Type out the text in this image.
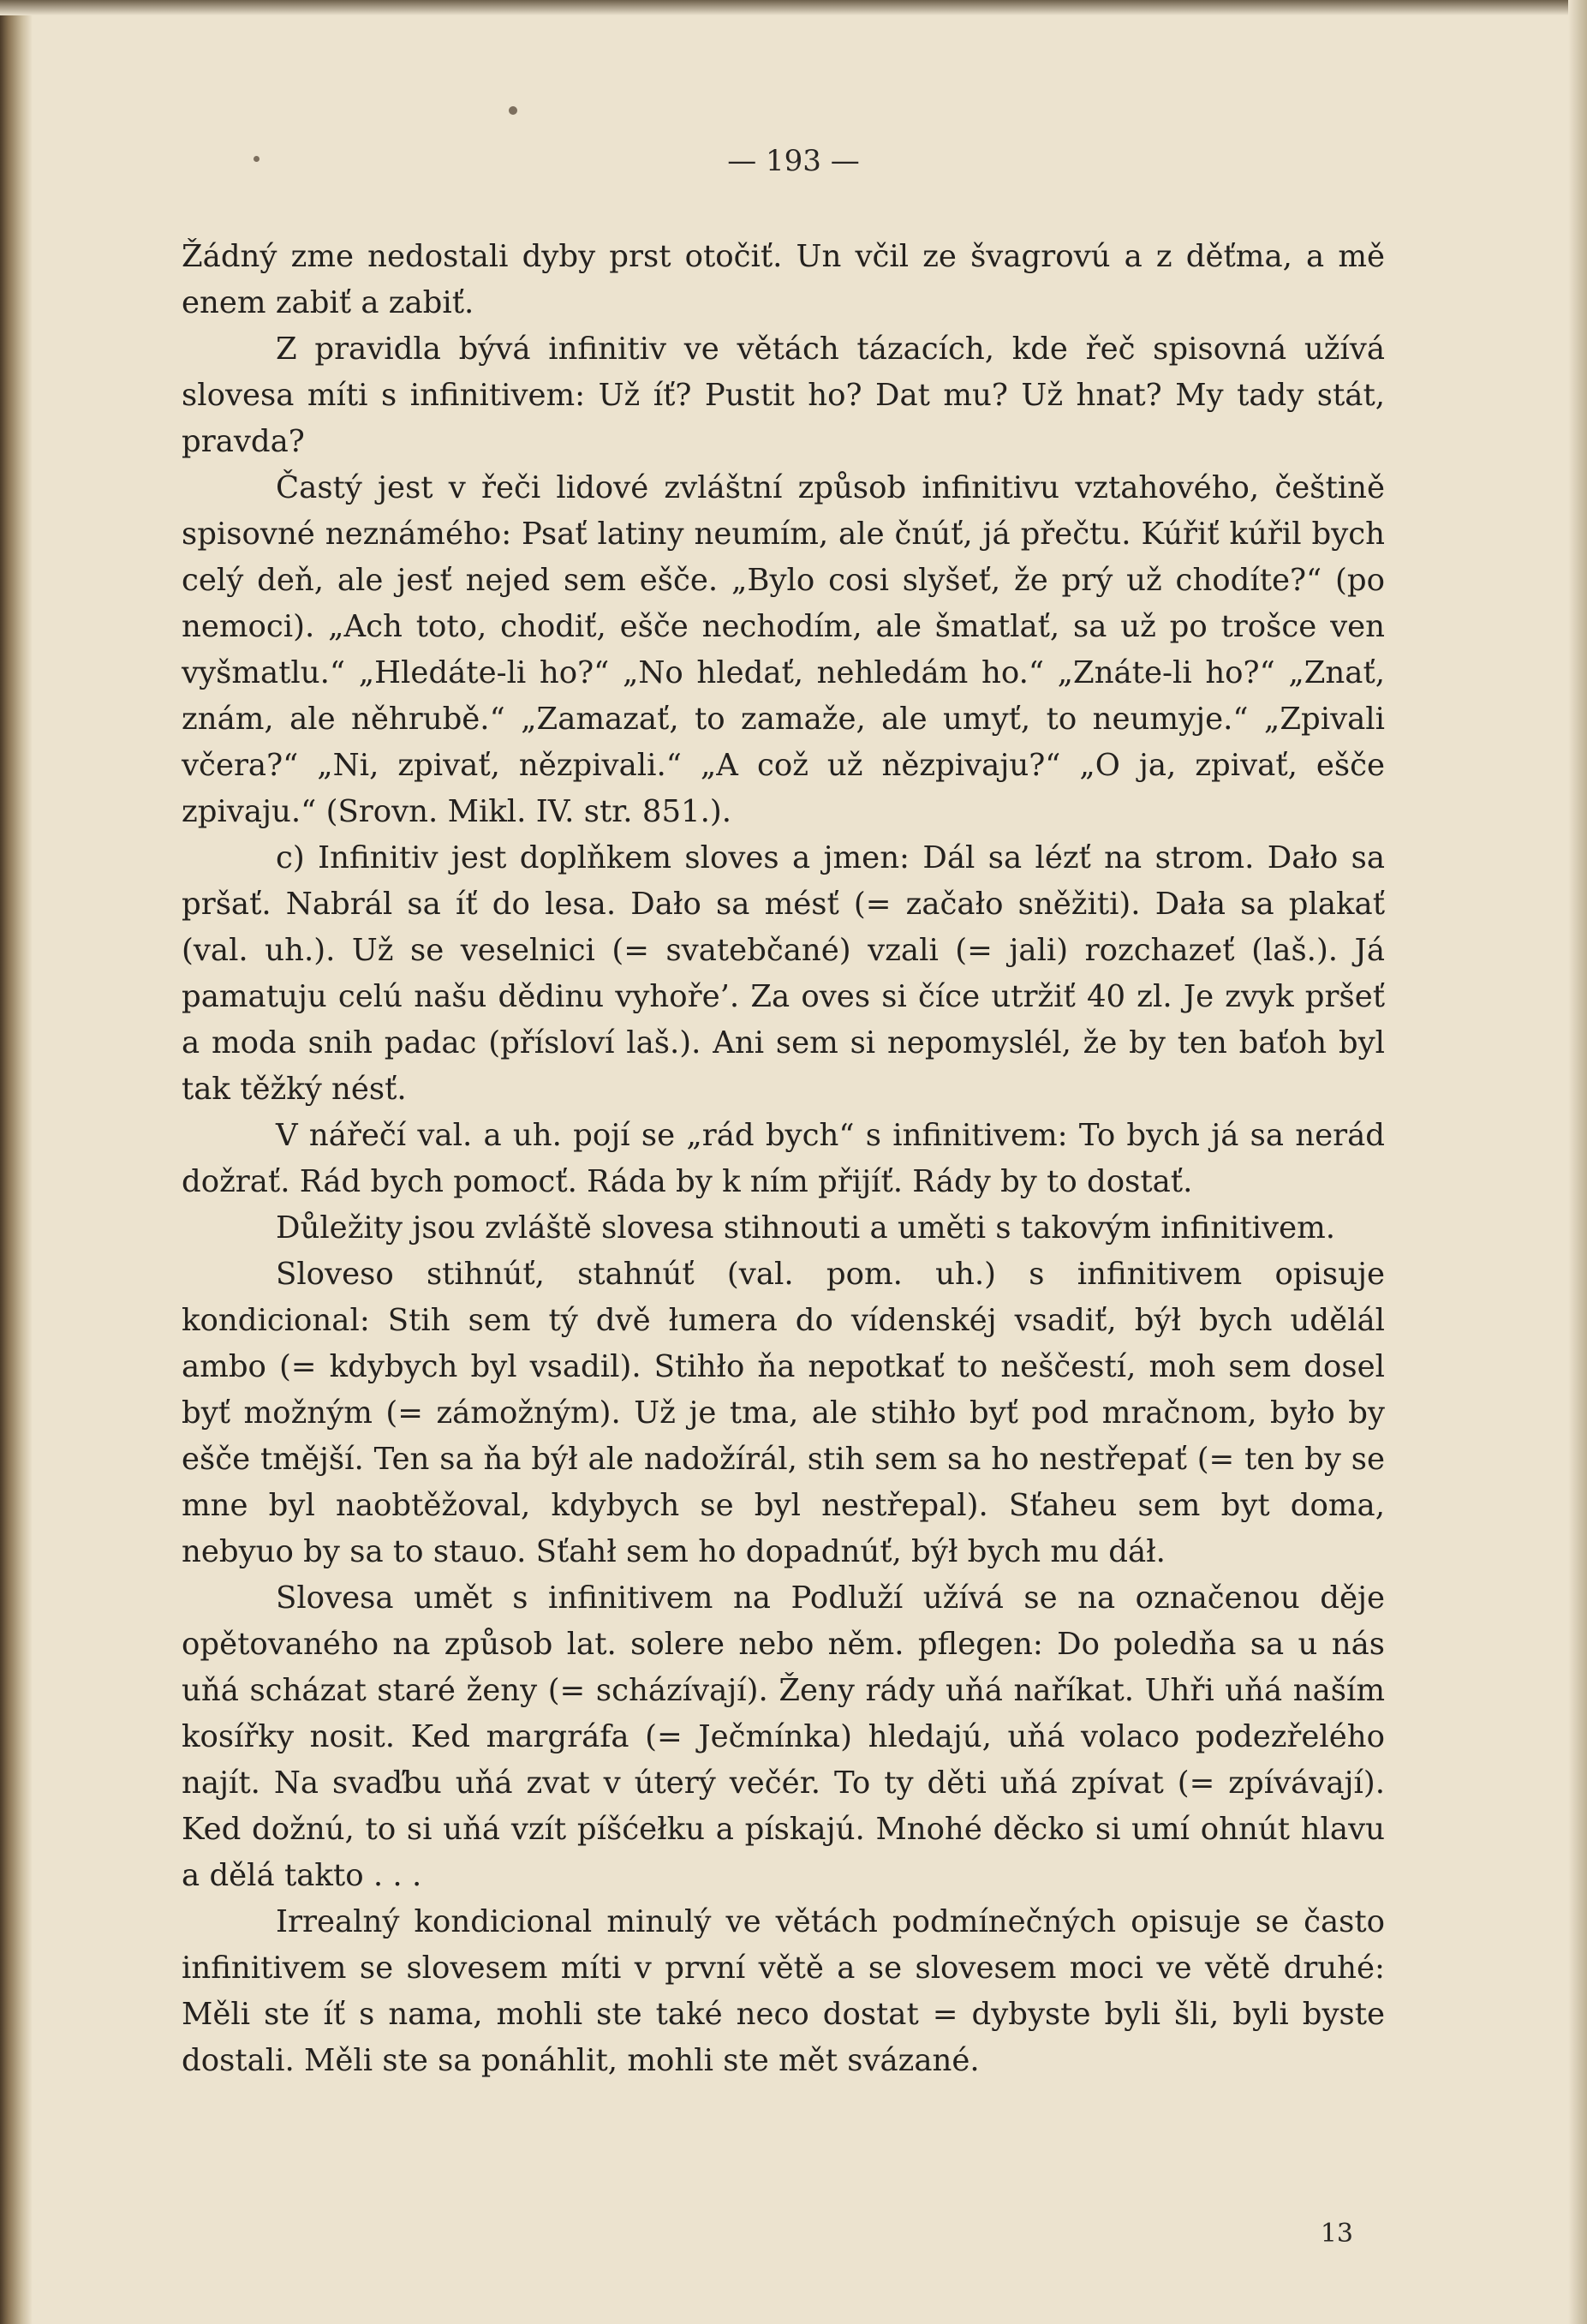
— 193 —

Žádný zme nedostali dyby prst otočiť. Un včil ze švagrovú a z děťma, a mě enem zabiť a zabiť.

Z pravidla bývá infinitiv ve větách tázacích, kde řeč spisovná užívá slovesa míti s infinitivem: Už íť? Pustit ho? Dat mu? Už hnat? My tady stát, pravda?

Častý jest v řeči lidové zvláštní způsob infinitivu vztahového, češtině spisovné neznámého: Psať latiny neumím, ale čnúť, já přečtu. Kúřiť kúřil bych celý deň, ale jesť nejed sem ešče. „Bylo cosi slyšeť, že prý už chodíte?“ (po nemoci). „Ach toto, chodiť, ešče nechodím, ale šmatlať, sa už po trošce ven vyšmatlu.“ „Hledáte-li ho?“ „No hledať, nehledám ho.“ „Znáte-li ho?“ „Znať, znám, ale něhrubě.“ „Zamazať, to zamaže, ale umyť, to neumyje.“ „Zpivali včera?“ „Ni, zpivať, nězpivali.“ „A což už nězpivaju?“ „O ja, zpivať, ešče zpivaju.“ (Srovn. Mikl. IV. str. 851.).

c) Infinitiv jest doplňkem sloves a jmen: Dál sa lézť na strom. Dało sa pršať. Nabrál sa íť do lesa. Dało sa mésť (= začało sněžiti). Dała sa plakať (val. uh.). Už se veselnici (= svatebčané) vzali (= jali) rozchazeť (laš.). Já pamatuju celú našu dědinu vyhoře’. Za oves si číce utržiť 40 zl. Je zvyk pršeť a moda snih padac (přísloví laš.). Ani sem si nepomyslél, že by ten baťoh byl tak těžký nésť.

V nářečí val. a uh. pojí se „rád bych“ s infinitivem: To bych já sa nerád dožrať. Rád bych pomocť. Ráda by k ním přijíť. Rády by to dostať.

Důležity jsou zvláště slovesa stihnouti a uměti s takovým infinitivem.

Sloveso stihnúť, stahnúť (val. pom. uh.) s infinitivem opisuje kondicional: Stih sem tý dvě łumera do vídenskéj vsadiť, býł bych udělál ambo (= kdybych byl vsadil). Stihło ňa nepotkať to neščestí, moh sem dosel byť možným (= zámožným). Už je tma, ale stihło byť pod mračnom, było by ešče tmější. Ten sa ňa býł ale nadožírál, stih sem sa ho nestřepať (= ten by se mne byl naobtěžoval, kdybych se byl nestřepal). Sťaheu sem byt doma, nebyuo by sa to stauo. Sťahł sem ho dopadnúť, býł bych mu dáł.

Slovesa umět s infinitivem na Podluží užívá se na označenou děje opětovaného na způsob lat. solere nebo něm. pflegen: Do poledňa sa u nás uňá scházat staré ženy (= scházívají). Ženy rády uňá naříkat. Uhři uňá naším kosířky nosit. Ked margráfa (= Ječmínka) hledajú, uňá volaco podezřelého najít. Na svaďbu uňá zvat v úterý večér. To ty děti uňá zpívat (= zpívávají). Ked dožnú, to si uňá vzít píšćełku a pískajú. Mnohé děcko si umí ohnút hlavu a dělá takto . . .

Irrealný kondicional minulý ve větách podmínečných opisuje se často infinitivem se slovesem míti v první větě a se slovesem moci ve větě druhé: Měli ste íť s nama, mohli ste také neco dostat = dybyste byli šli, byli byste dostali. Měli ste sa ponáhlit, mohli ste mět svázané.

13
